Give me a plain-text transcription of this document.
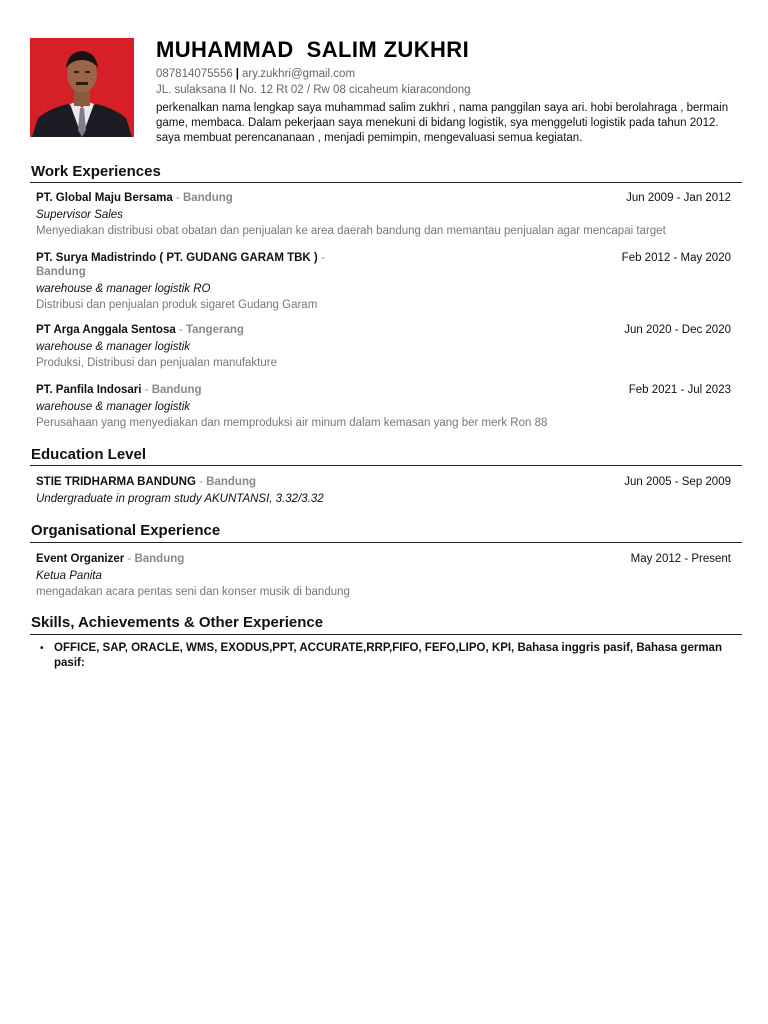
MUHAMMAD  SALIM ZUKHRI
087814075556 | ary.zukhri@gmail.com
JL. sulaksana II No. 12 Rt 02 / Rw 08 cicaheum kiaracondong
perkenalkan nama lengkap saya muhammad salim zukhri , nama panggilan saya ari. hobi berolahraga , bermain game, membaca. Dalam pekerjaan saya menekuni di bidang logistik, sya menggeluti logistik pada tahun 2012. saya membuat perencananaan , menjadi pemimpin, mengevaluasi semua kegiatan.
Work Experiences
PT. Global Maju Bersama - Bandung	Jun 2009 - Jan 2012
Supervisor Sales
Menyediakan distribusi obat obatan dan penjualan ke area daerah bandung dan memantau penjualan agar mencapai target
PT. Surya Madistrindo ( PT. GUDANG GARAM TBK ) - Bandung
Feb 2012 - May 2020
warehouse & manager logistik RO
Distribusi dan penjualan produk sigaret Gudang Garam
PT Arga Anggala Sentosa - Tangerang	Jun 2020 - Dec 2020
warehouse & manager logistik
Produksi, Distribusi dan penjualan manufakture
PT. Panfila Indosari - Bandung	Feb 2021 - Jul 2023
warehouse & manager logistik
Perusahaan yang menyediakan dan memproduksi air minum dalam kemasan yang ber merk Ron 88
Education Level
STIE TRIDHARMA BANDUNG - Bandung	Jun 2005 - Sep 2009
Undergraduate in program study AKUNTANSI, 3.32/3.32
Organisational Experience
Event Organizer - Bandung	May 2012 - Present
Ketua Panita
mengadakan acara pentas seni dan konser musik di bandung
Skills, Achievements & Other Experience
• OFFICE, SAP, ORACLE, WMS, EXODUS,PPT, ACCURATE,RRP,FIFO, FEFO,LIPO, KPI, Bahasa inggris pasif, Bahasa german pasif:
